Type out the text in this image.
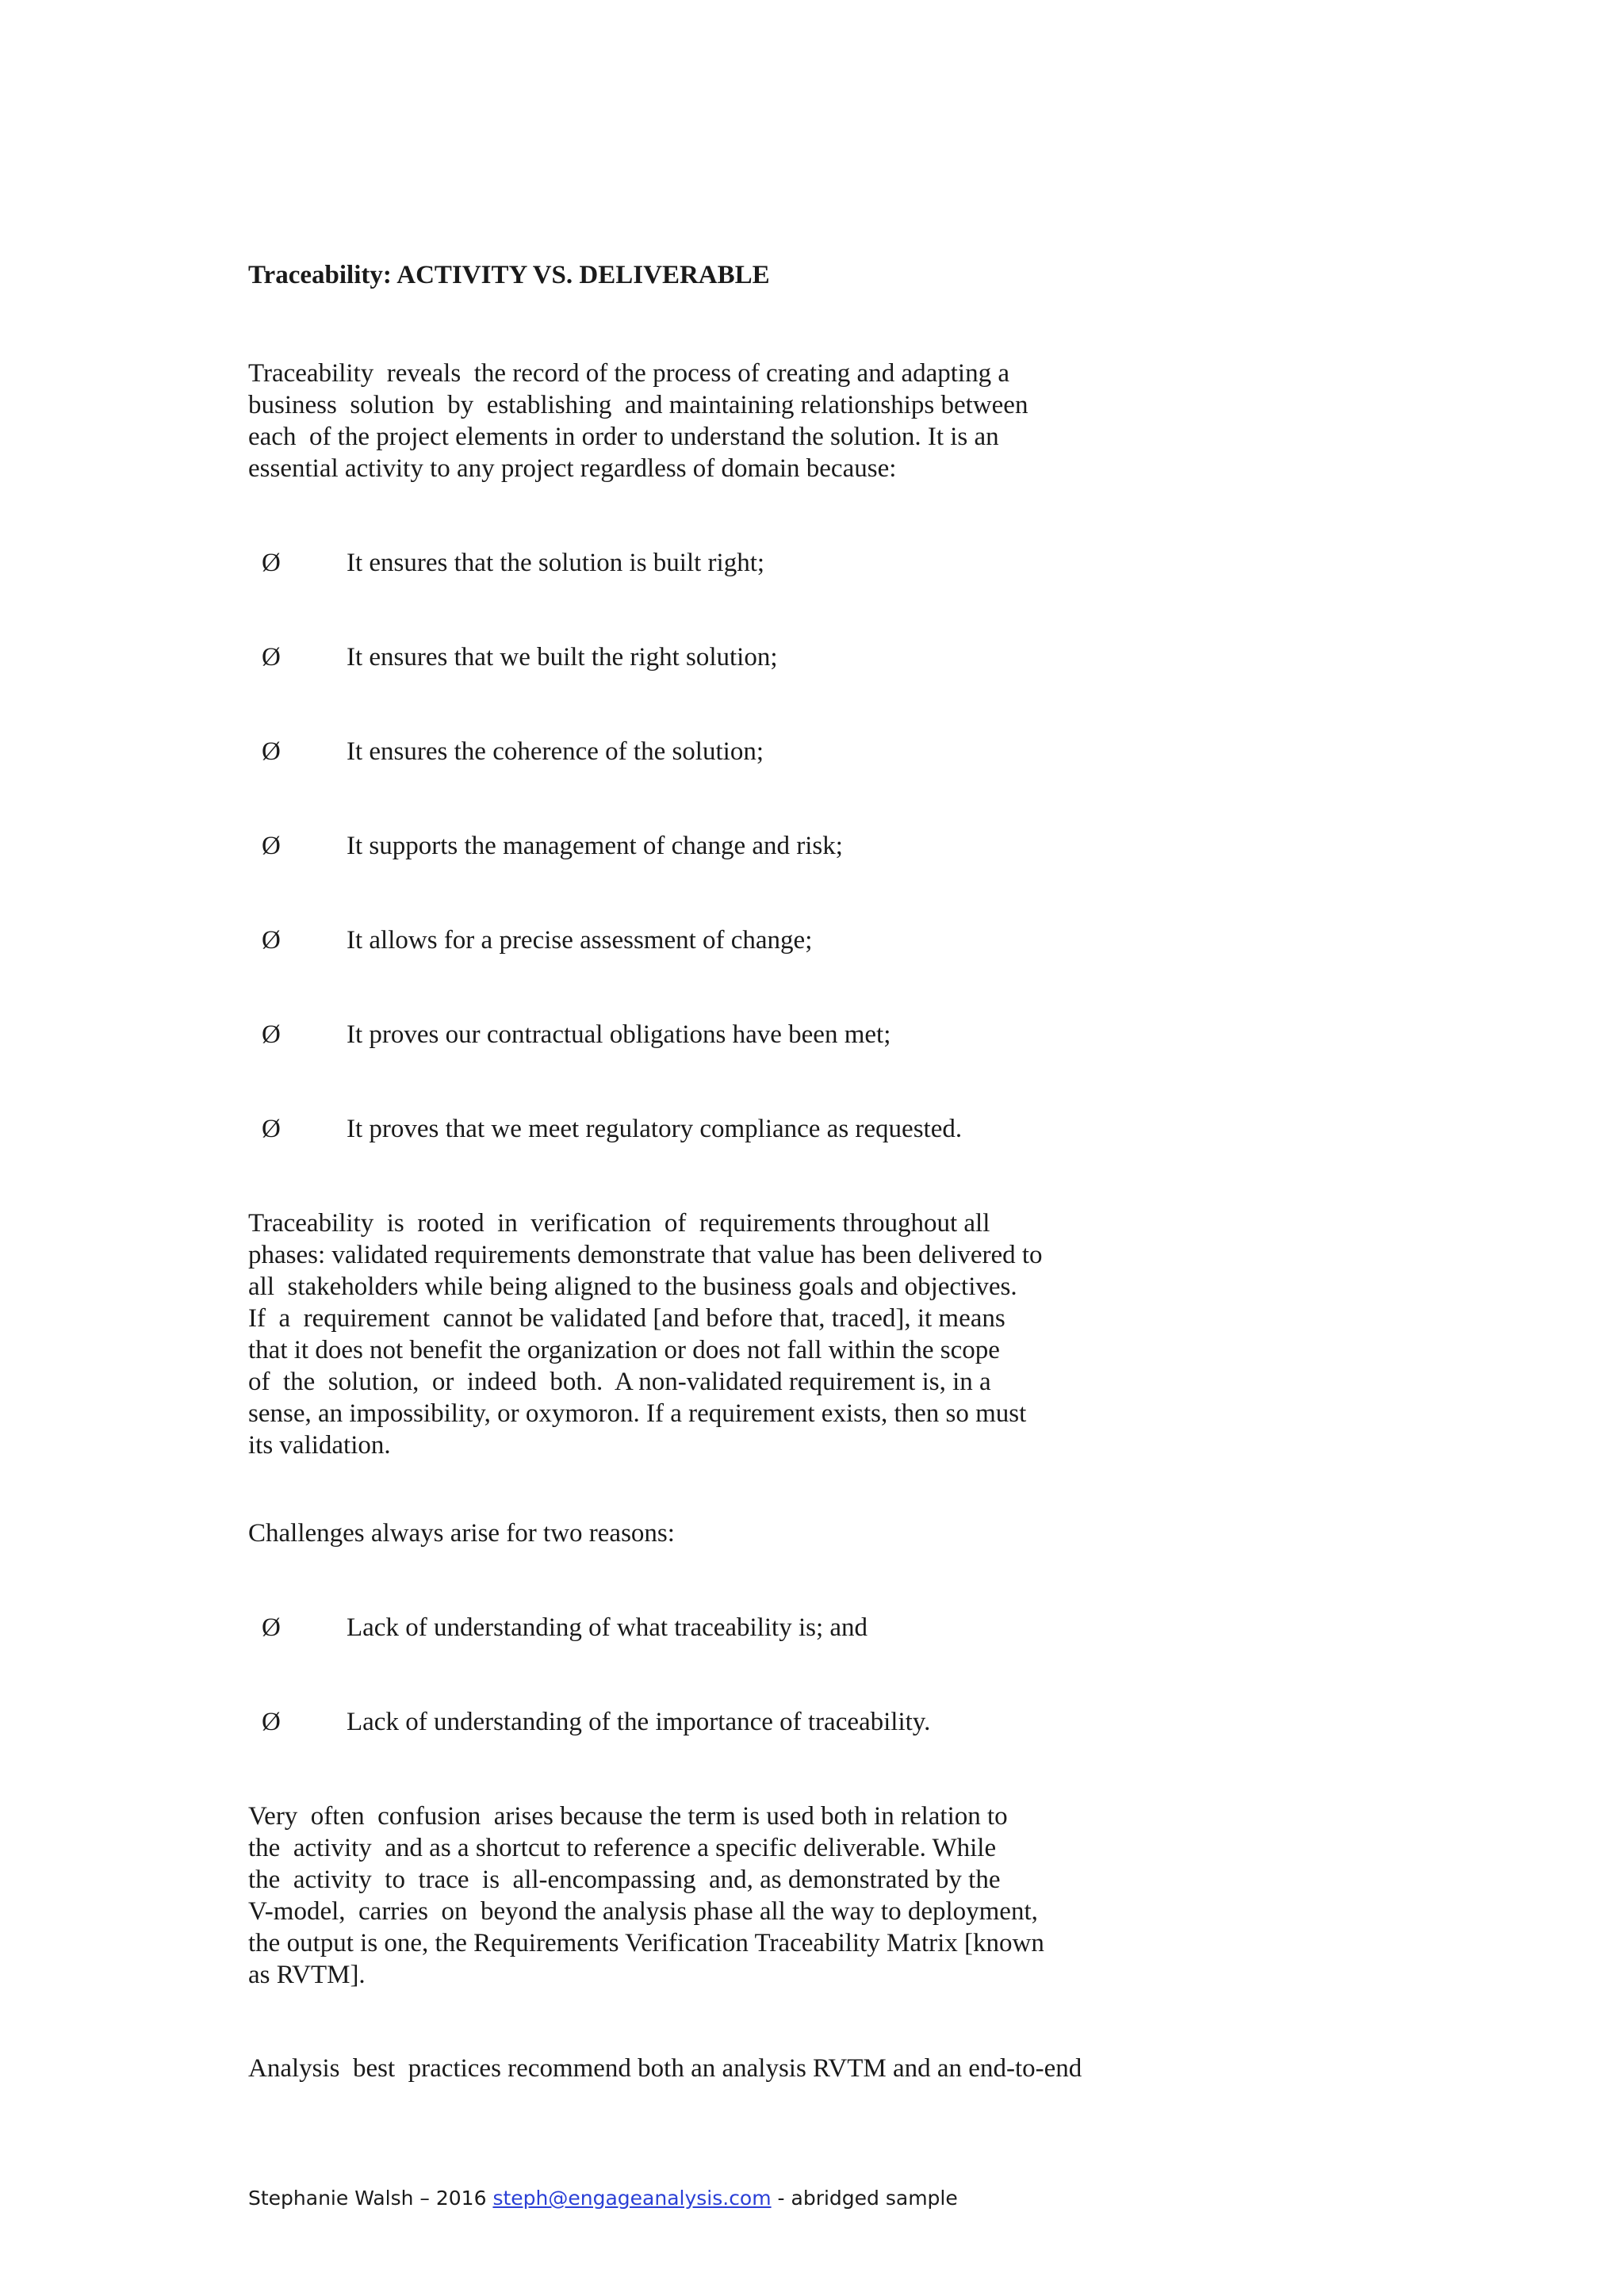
Traceability: ACTIVITY VS. DELIVERABLE

Traceability  reveals  the record of the process of creating and adapting a
business  solution  by  establishing  and maintaining relationships between
each  of the project elements in order to understand the solution. It is an
essential activity to any project regardless of domain because:

Ø	It ensures that the solution is built right;
Ø	It ensures that we built the right solution;
Ø	It ensures the coherence of the solution;
Ø	It supports the management of change and risk;
Ø	It allows for a precise assessment of change;
Ø	It proves our contractual obligations have been met;
Ø	It proves that we meet regulatory compliance as requested.

Traceability  is  rooted  in  verification  of  requirements throughout all
phases: validated requirements demonstrate that value has been delivered to
all  stakeholders while being aligned to the business goals and objectives.
If  a  requirement  cannot be validated [and before that, traced], it means
that it does not benefit the organization or does not fall within the scope
of  the  solution,  or  indeed  both.  A non-validated requirement is, in a
sense, an impossibility, or oxymoron. If a requirement exists, then so must
its validation.

Challenges always arise for two reasons:

Ø	Lack of understanding of what traceability is; and
Ø	Lack of understanding of the importance of traceability.

Very  often  confusion  arises because the term is used both in relation to
the  activity  and as a shortcut to reference a specific deliverable. While
the  activity  to  trace  is  all-encompassing  and, as demonstrated by the
V-model,  carries  on  beyond the analysis phase all the way to deployment,
the output is one, the Requirements Verification Traceability Matrix [known
as RVTM].

Analysis  best  practices recommend both an analysis RVTM and an end-to-end

Stephanie Walsh – 2016 steph@engageanalysis.com - abridged sample
